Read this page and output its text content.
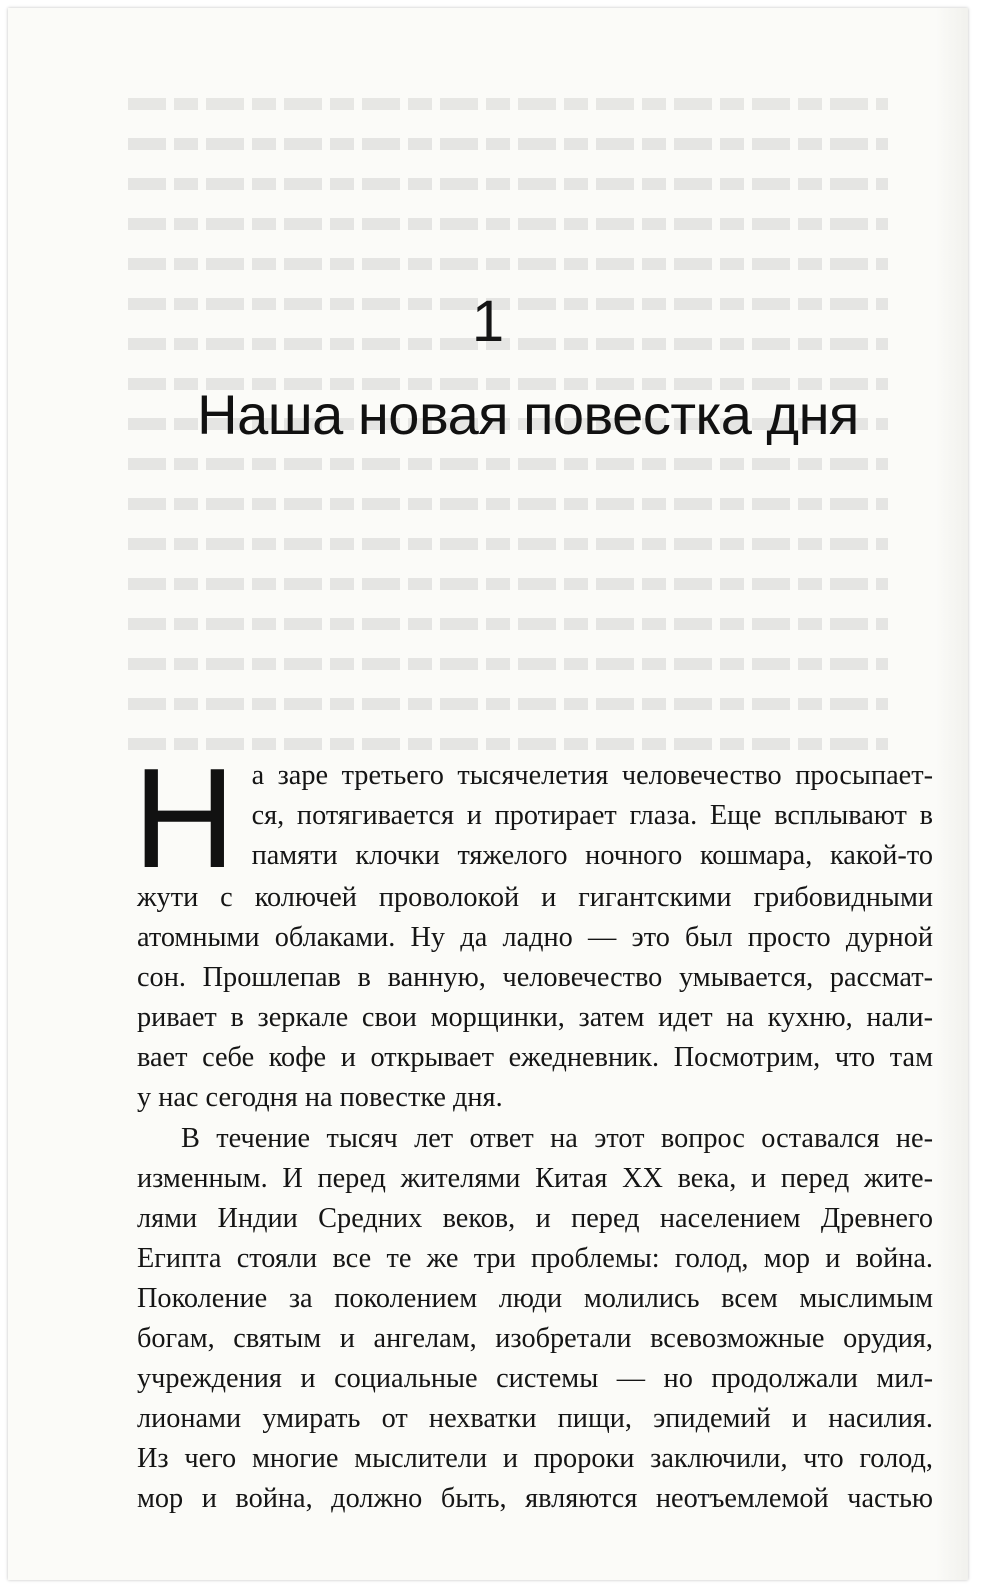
1
Наша новая повестка дня
Н а заре третьего тысячелетия человечество просыпает-
ся, потягивается и протирает глаза. Еще всплывают в
памяти клочки тяжелого ночного кошмара, какой-то
жути с колючей проволокой и гигантскими грибовидными
атомными облаками. Ну да ладно — это был просто дурной
сон. Прошлепав в ванную, человечество умывается, рассмат-
ривает в зеркале свои морщинки, затем идет на кухню, нали-
вает себе кофе и открывает ежедневник. Посмотрим, что там
у нас сегодня на повестке дня.
В течение тысяч лет ответ на этот вопрос оставался не-
изменным. И перед жителями Китая XX века, и перед жите-
лями Индии Средних веков, и перед населением Древнего
Египта стояли все те же три проблемы: голод, мор и война.
Поколение за поколением люди молились всем мыслимым
богам, святым и ангелам, изобретали всевозможные орудия,
учреждения и социальные системы — но продолжали мил-
лионами умирать от нехватки пищи, эпидемий и насилия.
Из чего многие мыслители и пророки заключили, что голод,
мор и война, должно быть, являются неотъемлемой частью
